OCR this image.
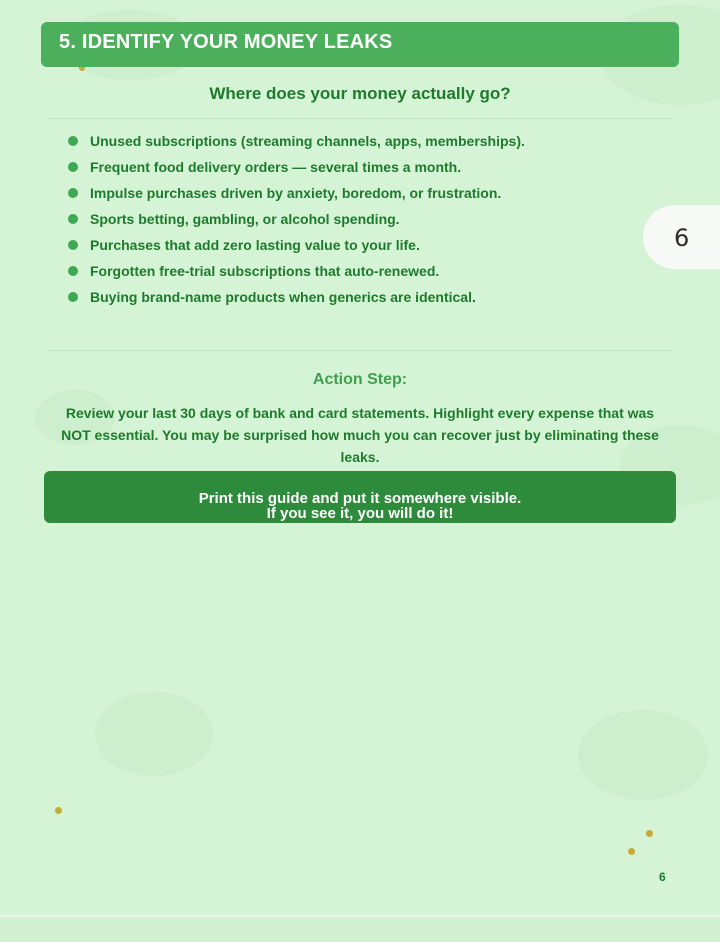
5. IDENTIFY YOUR MONEY LEAKS
Where does your money actually go?
Unused subscriptions (streaming channels, apps, memberships).
Frequent food delivery orders — several times a month.
Impulse purchases driven by anxiety, boredom, or frustration.
Sports betting, gambling, or alcohol spending.
Purchases that add zero lasting value to your life.
Forgotten free-trial subscriptions that auto-renewed.
Buying brand-name products when generics are identical.
6
Action Step:
Review your last 30 days of bank and card statements. Highlight every expense that was NOT essential. You may be surprised how much you can recover just by eliminating these leaks.
Print this guide and put it somewhere visible.
If you see it, you will do it!
6
